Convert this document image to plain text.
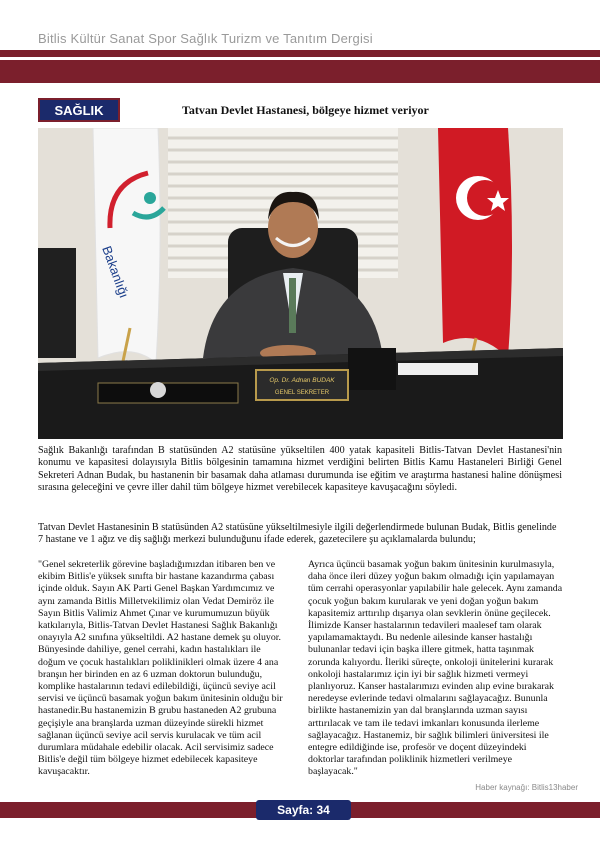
Bitlis Kültür Sanat Spor Sağlık Turizm ve Tanıtım Dergisi
SAĞLIK	Tatvan Devlet Hastanesi, bölgeye hizmet veriyor
Bakanlığı
Op. Dr. Adnan BUDAK
GENEL SEKRETER

Sağlık Bakanlığı tarafından B statüsünden A2 statüsüne yükseltilen 400 yatak kapasiteli Bitlis-Tatvan Devlet Hastanesi'nin konumu ve kapasitesi dolayısıyla Bitlis bölgesinin tamamına hizmet verdiğini belirten Bitlis Kamu Hastaneleri Birliği Genel Sekreteri Adnan Budak, bu hastanenin bir basamak daha atlaması durumunda ise eğitim ve araştırma hastanesi haline dönüşmesi sırasına geleceğini ve çevre iller dahil tüm bölgeye hizmet verebilecek kapasiteye kavuşacağını söyledi.

Tatvan Devlet Hastanesinin B statüsünden A2 statüsüne yükseltilmesiyle ilgili değerlendirmede bulunan Budak, Bitlis genelinde 7 hastane ve 1 ağız ve diş sağlığı merkezi bulunduğunu ifade ederek, gazetecilere şu açıklamalarda bulundu;

"Genel sekreterlik görevine başladığımızdan itibaren ben ve ekibim Bitlis'e yüksek sınıfta bir hastane kazandırma çabası içinde olduk. Sayın AK Parti Genel Başkan Yardımcımız ve aynı zamanda Bitlis Milletvekilimiz olan Vedat Demiröz ile Sayın Bitlis Valimiz Ahmet Çınar ve kurumumuzun büyük katkılarıyla, Bitlis-Tatvan Devlet Hastanesi Sağlık Bakanlığı onayıyla A2 sınıfına yükseltildi. A2 hastane demek şu oluyor. Bünyesinde dahiliye, genel cerrahi, kadın hastalıkları ile doğum ve çocuk hastalıkları poliklinikleri olmak üzere 4 ana branşın her birinden en az 6 uzman doktorun bulunduğu, komplike hastalarının tedavi edilebildiği, üçüncü seviye acil servisi ve üçüncü basamak yoğun bakım ünitesinin olduğu bir hastanedir.Bu hastanemizin B grubu hastaneden A2 grubuna geçişiyle ana branşlarda uzman düzeyinde sürekli hizmet sağlanan üçüncü seviye acil servis kurulacak ve tüm acil durumlara müdahale edebilir olacak. Acil servisimiz sadece Bitlis'e değil tüm bölgeye hizmet edebilecek kapasiteye kavuşacaktır.

Ayrıca üçüncü basamak yoğun bakım ünitesinin kurulmasıyla, daha önce ileri düzey yoğun bakım olmadığı için yapılamayan tüm cerrahi operasyonlar yapılabilir hale gelecek. Aynı zamanda çocuk yoğun bakım kurularak ve yeni doğan yoğun bakım kapasitemiz arttırılıp dışarıya olan sevklerin önüne geçilecek. İlimizde Kanser hastalarının tedavileri maalesef tam olarak yapılamamaktaydı. Bu nedenle ailesinde kanser hastalığı bulunanlar tedavi için başka illere gitmek, hatta taşınmak zorunda kalıyordu. İleriki süreçte, onkoloji ünitelerini kurarak onkoloji hastalarımız için iyi bir sağlık hizmeti vermeyi planlıyoruz. Kanser hastalarımızı evinden alıp evine bırakarak neredeyse evlerinde tedavi olmalarını sağlayacağız. Bununla birlikte hastanemizin yan dal branşlarında uzman sayısı arttırılacak ve tam ile tedavi imkanları konusunda ilerleme sağlayacağız. Hastanemiz, bir sağlık bilimleri üniversitesi ile entegre edildiğinde ise, profesör ve doçent düzeyindeki doktorlar tarafından poliklinik hizmetleri verilmeye başlayacak."

Haber kaynağı: Bitlis13haber
Sayfa: 34
